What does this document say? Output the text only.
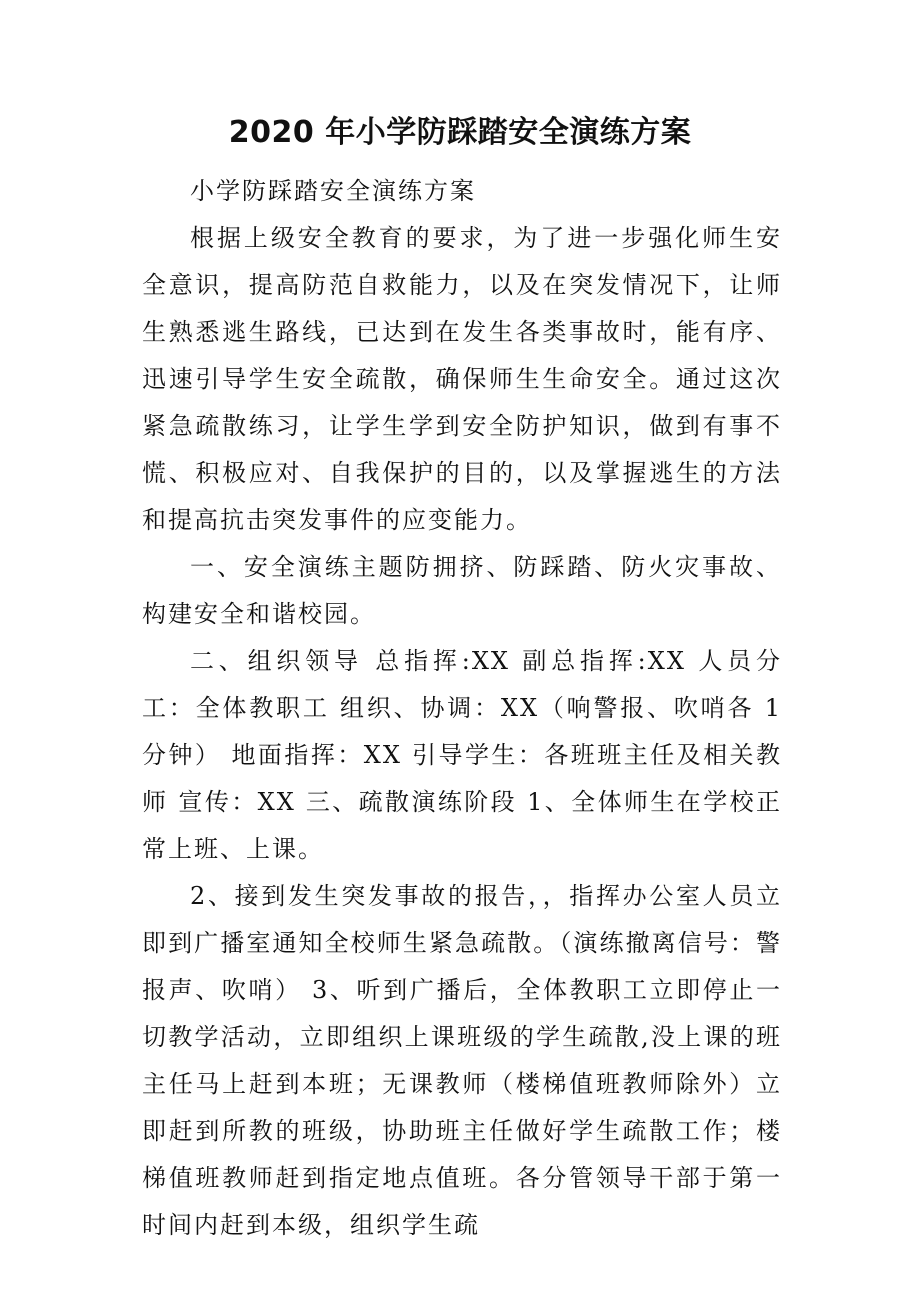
2020 年小学防踩踏安全演练方案

小学防踩踏安全演练方案

根据上级安全教育的要求，为了进一步强化师生安全意识，提高防范自救能力，以及在突发情况下，让师生熟悉逃生路线，已达到在发生各类事故时，能有序、迅速引导学生安全疏散，确保师生生命安全。通过这次紧急疏散练习，让学生学到安全防护知识，做到有事不慌、积极应对、自我保护的目的，以及掌握逃生的方法和提高抗击突发事件的应变能力。

一、安全演练主题防拥挤、防踩踏、防火灾事故、构建安全和谐校园。

二、组织领导 总指挥:XX 副总指挥:XX 人员分工：全体教职工 组织、协调：XX（响警报、吹哨各 1 分钟） 地面指挥：XX 引导学生：各班班主任及相关教师 宣传：XX 三、疏散演练阶段 1、全体师生在学校正常上班、上课。

2、接到发生突发事故的报告，，指挥办公室人员立即到广播室通知全校师生紧急疏散。（演练撤离信号：警报声、吹哨） 3、听到广播后，全体教职工立即停止一切教学活动，立即组织上课班级的学生疏散,没上课的班主任马上赶到本班；无课教师（楼梯值班教师除外）立即赶到所教的班级，协助班主任做好学生疏散工作；楼梯值班教师赶到指定地点值班。各分管领导干部于第一时间内赶到本级，组织学生疏
